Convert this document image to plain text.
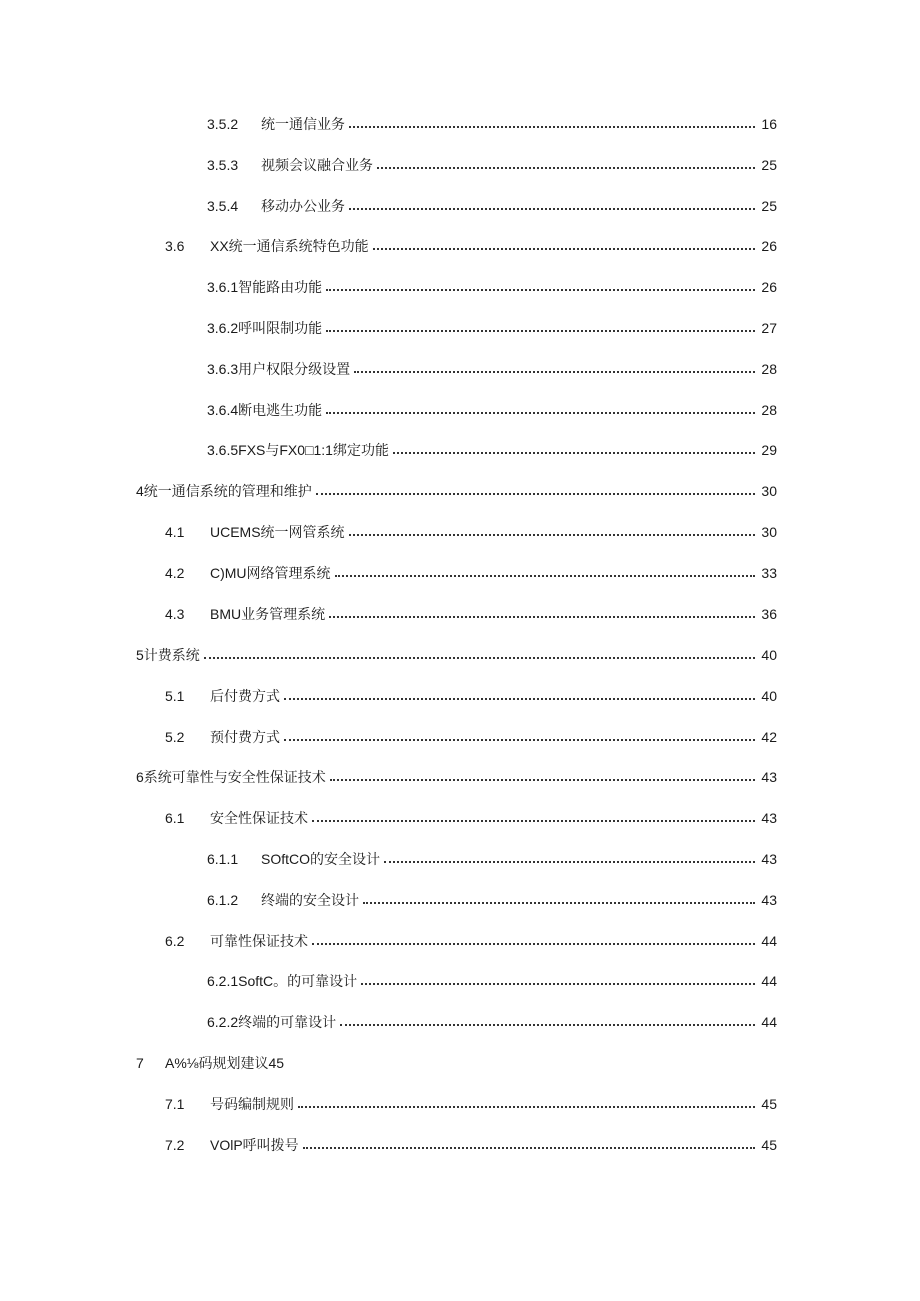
3.5.2	统一通信业务	16
3.5.3	视频会议融合业务	25
3.5.4	移动办公业务	25
3.6	XX统一通信系统特色功能	26
3.6.1智能路由功能	26
3.6.2呼叫限制功能	27
3.6.3用户权限分级设置	28
3.6.4断电逃生功能	28
3.6.5FXS与FX0□1:1绑定功能	29
4统一通信系统的管理和维护	30
4.1	UCEMS统一网管系统	30
4.2	C)MU网络管理系统	33
4.3	BMU业务管理系统	36
5计费系统	40
5.1	后付费方式	40
5.2	预付费方式	42
6系统可靠性与安全性保证技术	43
6.1	安全性保证技术	43
6.1.1	SOftCO的安全设计	43
6.1.2	终端的安全设计	43
6.2	可靠性保证技术	44
6.2.1SoftC。的可靠设计	44
6.2.2终端的可靠设计	44
7	A%⅛码规划建议45
7.1	号码编制规则	45
7.2	VOlP呼叫拨号	45
